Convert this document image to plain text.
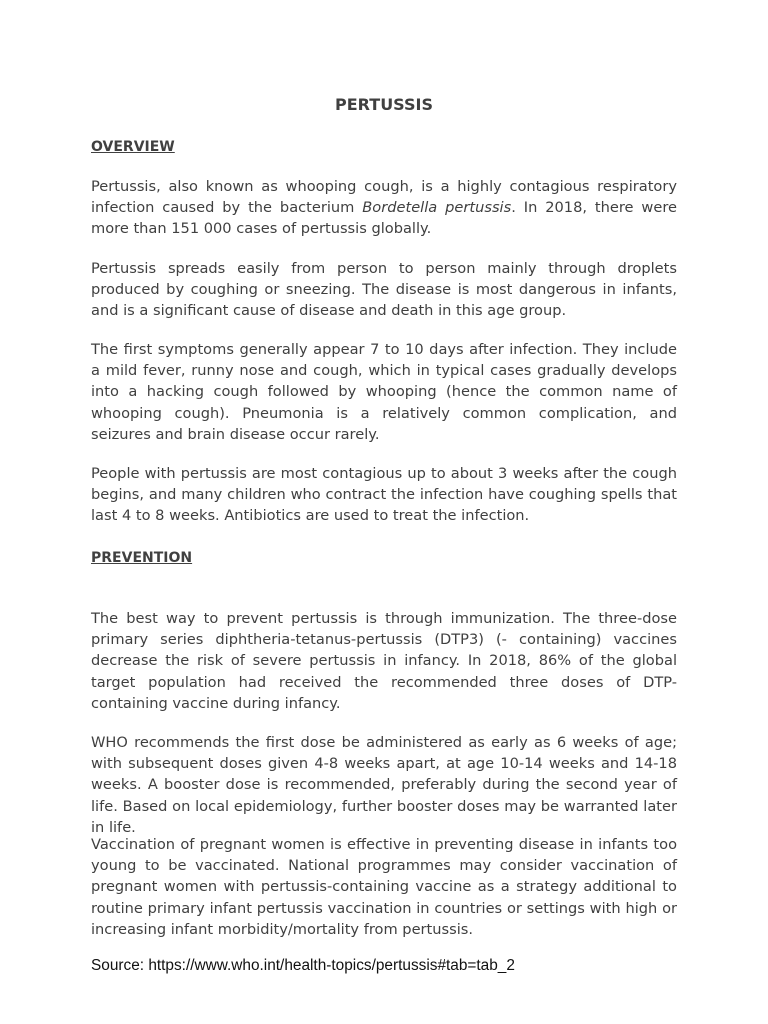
PERTUSSIS
OVERVIEW

Pertussis, also known as whooping cough, is a highly contagious respiratory infection caused by the bacterium Bordetella pertussis. In 2018, there were more than 151 000 cases of pertussis globally.

Pertussis spreads easily from person to person mainly through droplets produced by coughing or sneezing. The disease is most dangerous in infants, and is a significant cause of disease and death in this age group.

The first symptoms generally appear 7 to 10 days after infection. They include a mild fever, runny nose and cough, which in typical cases gradually develops into a hacking cough followed by whooping (hence the common name of whooping cough). Pneumonia is a relatively common complication, and seizures and brain disease occur rarely.

People with pertussis are most contagious up to about 3 weeks after the cough begins, and many children who contract the infection have coughing spells that last 4 to 8 weeks. Antibiotics are used to treat the infection.

PREVENTION

The best way to prevent pertussis is through immunization. The three-dose primary series diphtheria-tetanus-pertussis (DTP3) (- containing) vaccines decrease the risk of severe pertussis in infancy. In 2018, 86% of the global target population had received the recommended three doses of DTP-containing vaccine during infancy.

WHO recommends the first dose be administered as early as 6 weeks of age; with subsequent doses given 4-8 weeks apart, at age 10-14 weeks and 14-18 weeks. A booster dose is recommended, preferably during the second year of life. Based on local epidemiology, further booster doses may be warranted later in life.

Vaccination of pregnant women is effective in preventing disease in infants too young to be vaccinated. National programmes may consider vaccination of pregnant women with pertussis-containing vaccine as a strategy additional to routine primary infant pertussis vaccination in countries or settings with high or increasing infant morbidity/mortality from pertussis.

Source: https://www.who.int/health-topics/pertussis#tab=tab_2
